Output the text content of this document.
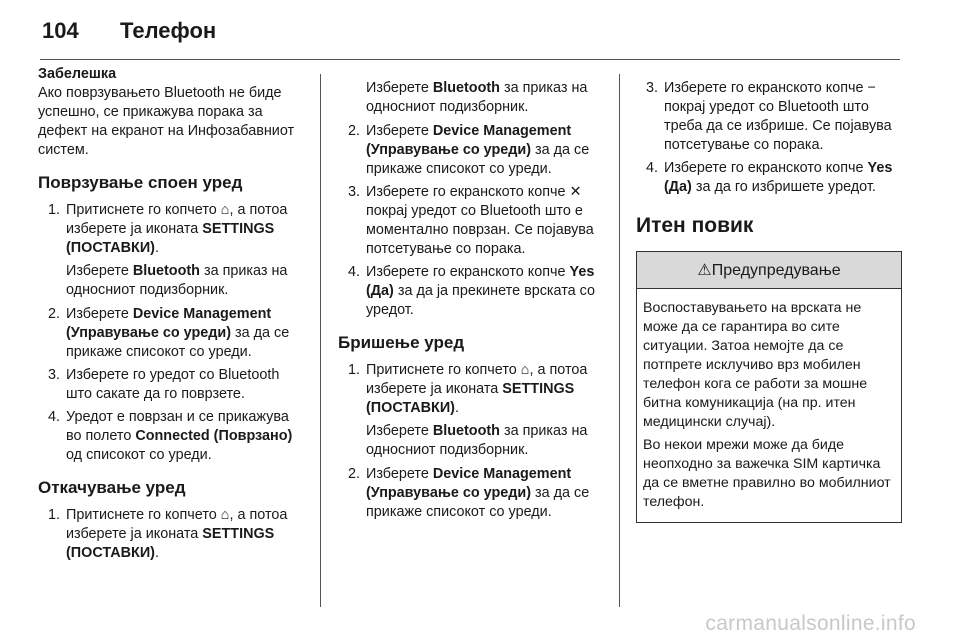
104	Телефон

Забелешка

Ако поврзувањето Bluetooth не биде успешно, се прикажува порака за дефект на екранот на Инфозабавниот систем.

Поврзување споен уред
1. Притиснете го копчето ⌂, а потоа изберете ја иконата SETTINGS (ПОСТАВКИ).

Изберете Bluetooth за приказ на односниот подизборник.

2. Изберете Device Management (Управување со уреди) за да се прикаже списокот со уреди.
3. Изберете го уредот со Bluetooth што сакате да го поврзете.
4. Уредот е поврзан и се прикажува во полето Connected (Поврзано) од списокот со уреди.
Откачување уред
1. Притиснете го копчето ⌂, а потоа изберете ја иконата SETTINGS (ПОСТАВКИ).

Изберете Bluetooth за приказ на односниот подизборник.

2. Изберете Device Management (Управување со уреди) за да се прикаже списокот со уреди.
3. Изберете го екранското копче ✕ покрај уредот со Bluetooth што е моментално поврзан. Се појавува потсетување со порака.
4. Изберете го екранското копче Yes (Да) за да ја прекинете врската со уредот.
Бришење уред
1. Притиснете го копчето ⌂, а потоа изберете ја иконата SETTINGS (ПОСТАВКИ).

Изберете Bluetooth за приказ на односниот подизборник.

2. Изберете Device Management (Управување со уреди) за да се прикаже списокот со уреди.
3. Изберете го екранското копче − покрај уредот со Bluetooth што треба да се избрише. Се појавува потсетување со порака.
4. Изберете го екранското копче Yes (Да) за да го избришете уредот.
Итен повик
⚠Предупредување

Воспоставувањето на врската не може да се гарантира во сите ситуации. Затоа немојте да се потпрете исклучиво врз мобилен телефон кога се работи за мошне битна комуникација (на пр. итен медицински случај).

Во некои мрежи може да биде неопходно за важечка SIM картичка да се вметне правилно во мобилниот телефон.

carmanualsonline.info
